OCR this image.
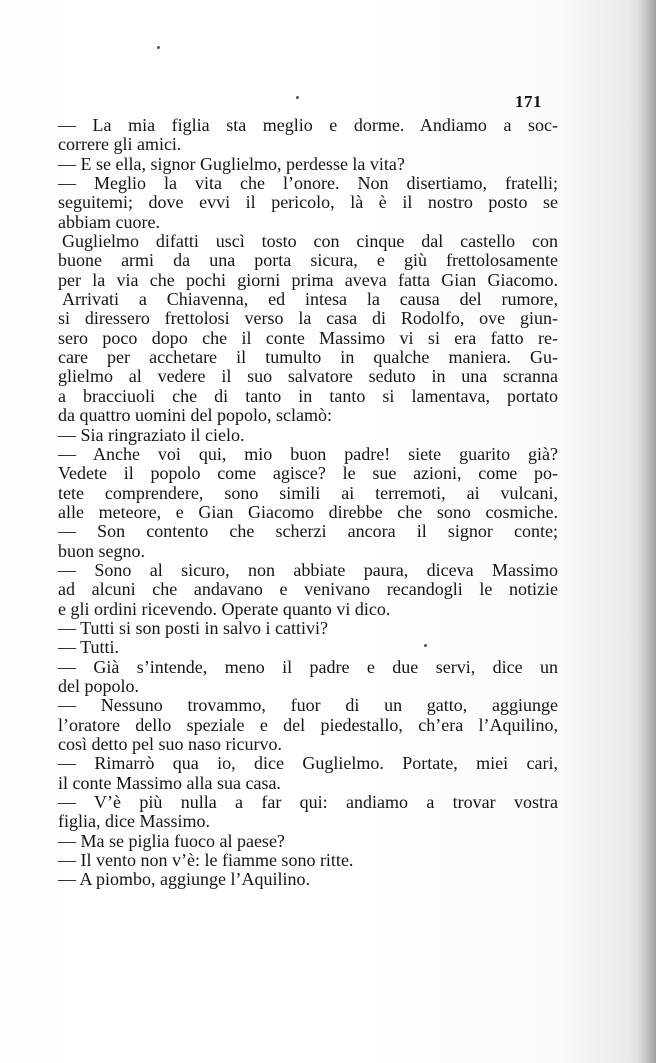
171
— La mia figlia sta meglio e dorme. Andiamo a soc-
correre gli amici.
— E se ella, signor Guglielmo, perdesse la vita?
— Meglio la vita che l’onore. Non disertiamo, fratelli;
seguitemi; dove evvi il pericolo, là è il nostro posto se
abbiam cuore.
Guglielmo difatti uscì tosto con cinque dal castello con
buone armi da una porta sicura, e giù frettolosamente
per la via che pochi giorni prima aveva fatta Gian Giacomo.
Arrivati a Chiavenna, ed intesa la causa del rumore,
si diressero frettolosi verso la casa di Rodolfo, ove giun-
sero poco dopo che il conte Massimo vi si era fatto re-
care per acchetare il tumulto in qualche maniera. Gu-
glielmo al vedere il suo salvatore seduto in una scranna
a bracciuoli che di tanto in tanto si lamentava, portato
da quattro uomini del popolo, sclamò:
— Sia ringraziato il cielo.
— Anche voi qui, mio buon padre! siete guarito già?
Vedete il popolo come agisce? le sue azioni, come po-
tete comprendere, sono simili ai terremoti, ai vulcani,
alle meteore, e Gian Giacomo direbbe che sono cosmiche.
— Son contento che scherzi ancora il signor conte;
buon segno.
— Sono al sicuro, non abbiate paura, diceva Massimo
ad alcuni che andavano e venivano recandogli le notizie
e gli ordini ricevendo. Operate quanto vi dico.
— Tutti si son posti in salvo i cattivi?
— Tutti.
— Già s’intende, meno il padre e due servi, dice un
del popolo.
— Nessuno trovammo, fuor di un gatto, aggiunge
l’oratore dello speziale e del piedestallo, ch’era l’Aquilino,
così detto pel suo naso ricurvo.
— Rimarrò qua io, dice Guglielmo. Portate, miei cari,
il conte Massimo alla sua casa.
— V’è più nulla a far qui: andiamo a trovar vostra
figlia, dice Massimo.
— Ma se piglia fuoco al paese?
— Il vento non v’è: le fiamme sono ritte.
— A piombo, aggiunge l’Aquilino.
